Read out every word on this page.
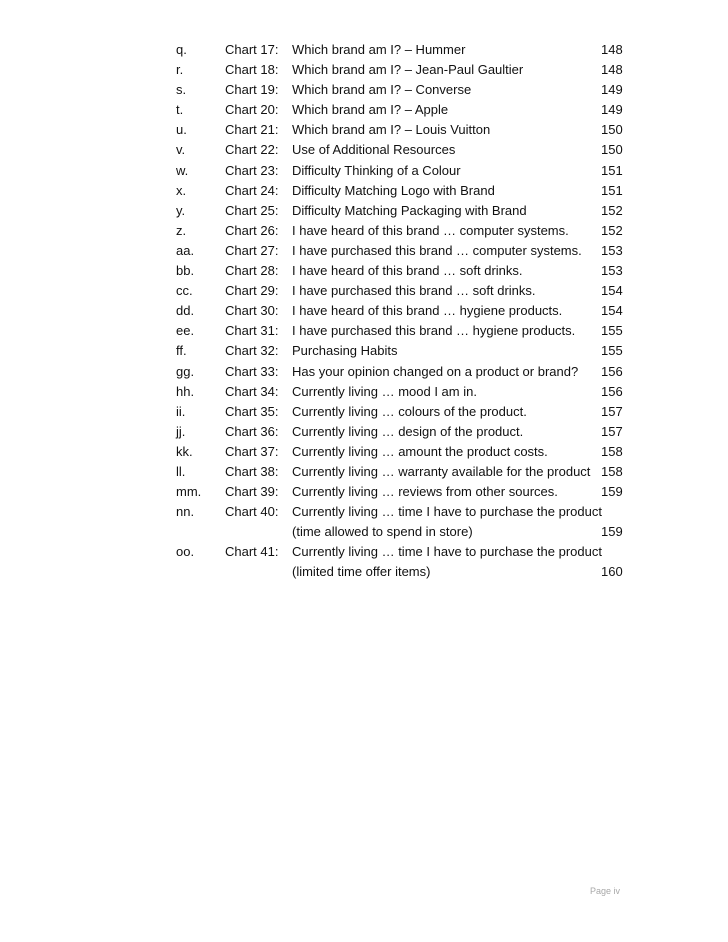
q.	Chart 17:	Which brand am I? – Hummer	148
r.	Chart 18:	Which brand am I? – Jean-Paul Gaultier	148
s.	Chart 19:	Which brand am I? – Converse	149
t.	Chart 20:	Which brand am I? – Apple	149
u.	Chart 21:	Which brand am I? – Louis Vuitton	150
v.	Chart 22:	Use of Additional Resources	150
w.	Chart 23:	Difficulty Thinking of a Colour	151
x.	Chart 24:	Difficulty Matching Logo with Brand	151
y.	Chart 25:	Difficulty Matching Packaging with Brand	152
z.	Chart 26:	I have heard of this brand … computer systems.	152
aa.	Chart 27:	I have purchased this brand … computer systems.	153
bb.	Chart 28:	I have heard of this brand … soft drinks.	153
cc.	Chart 29:	I have purchased this brand … soft drinks.	154
dd.	Chart 30:	I have heard of this brand … hygiene products.	154
ee.	Chart 31:	I have purchased this brand … hygiene products.	155
ff.	Chart 32:	Purchasing Habits	155
gg.	Chart 33:	Has your opinion changed on a product or brand?	156
hh.	Chart 34:	Currently living … mood I am in.	156
ii.	Chart 35:	Currently living … colours of the product.	157
jj.	Chart 36:	Currently living … design of the product.	157
kk.	Chart 37:	Currently living … amount the product costs.	158
ll.	Chart 38:	Currently living … warranty available for the product 158
mm.	Chart 39:	Currently living … reviews from other sources.	159
nn.	Chart 40:	Currently living … time I have to purchase the product
(time allowed to spend in store)	159
oo.	Chart 41:	Currently living … time I have to purchase the product
(limited time offer items)	160
Page iv
